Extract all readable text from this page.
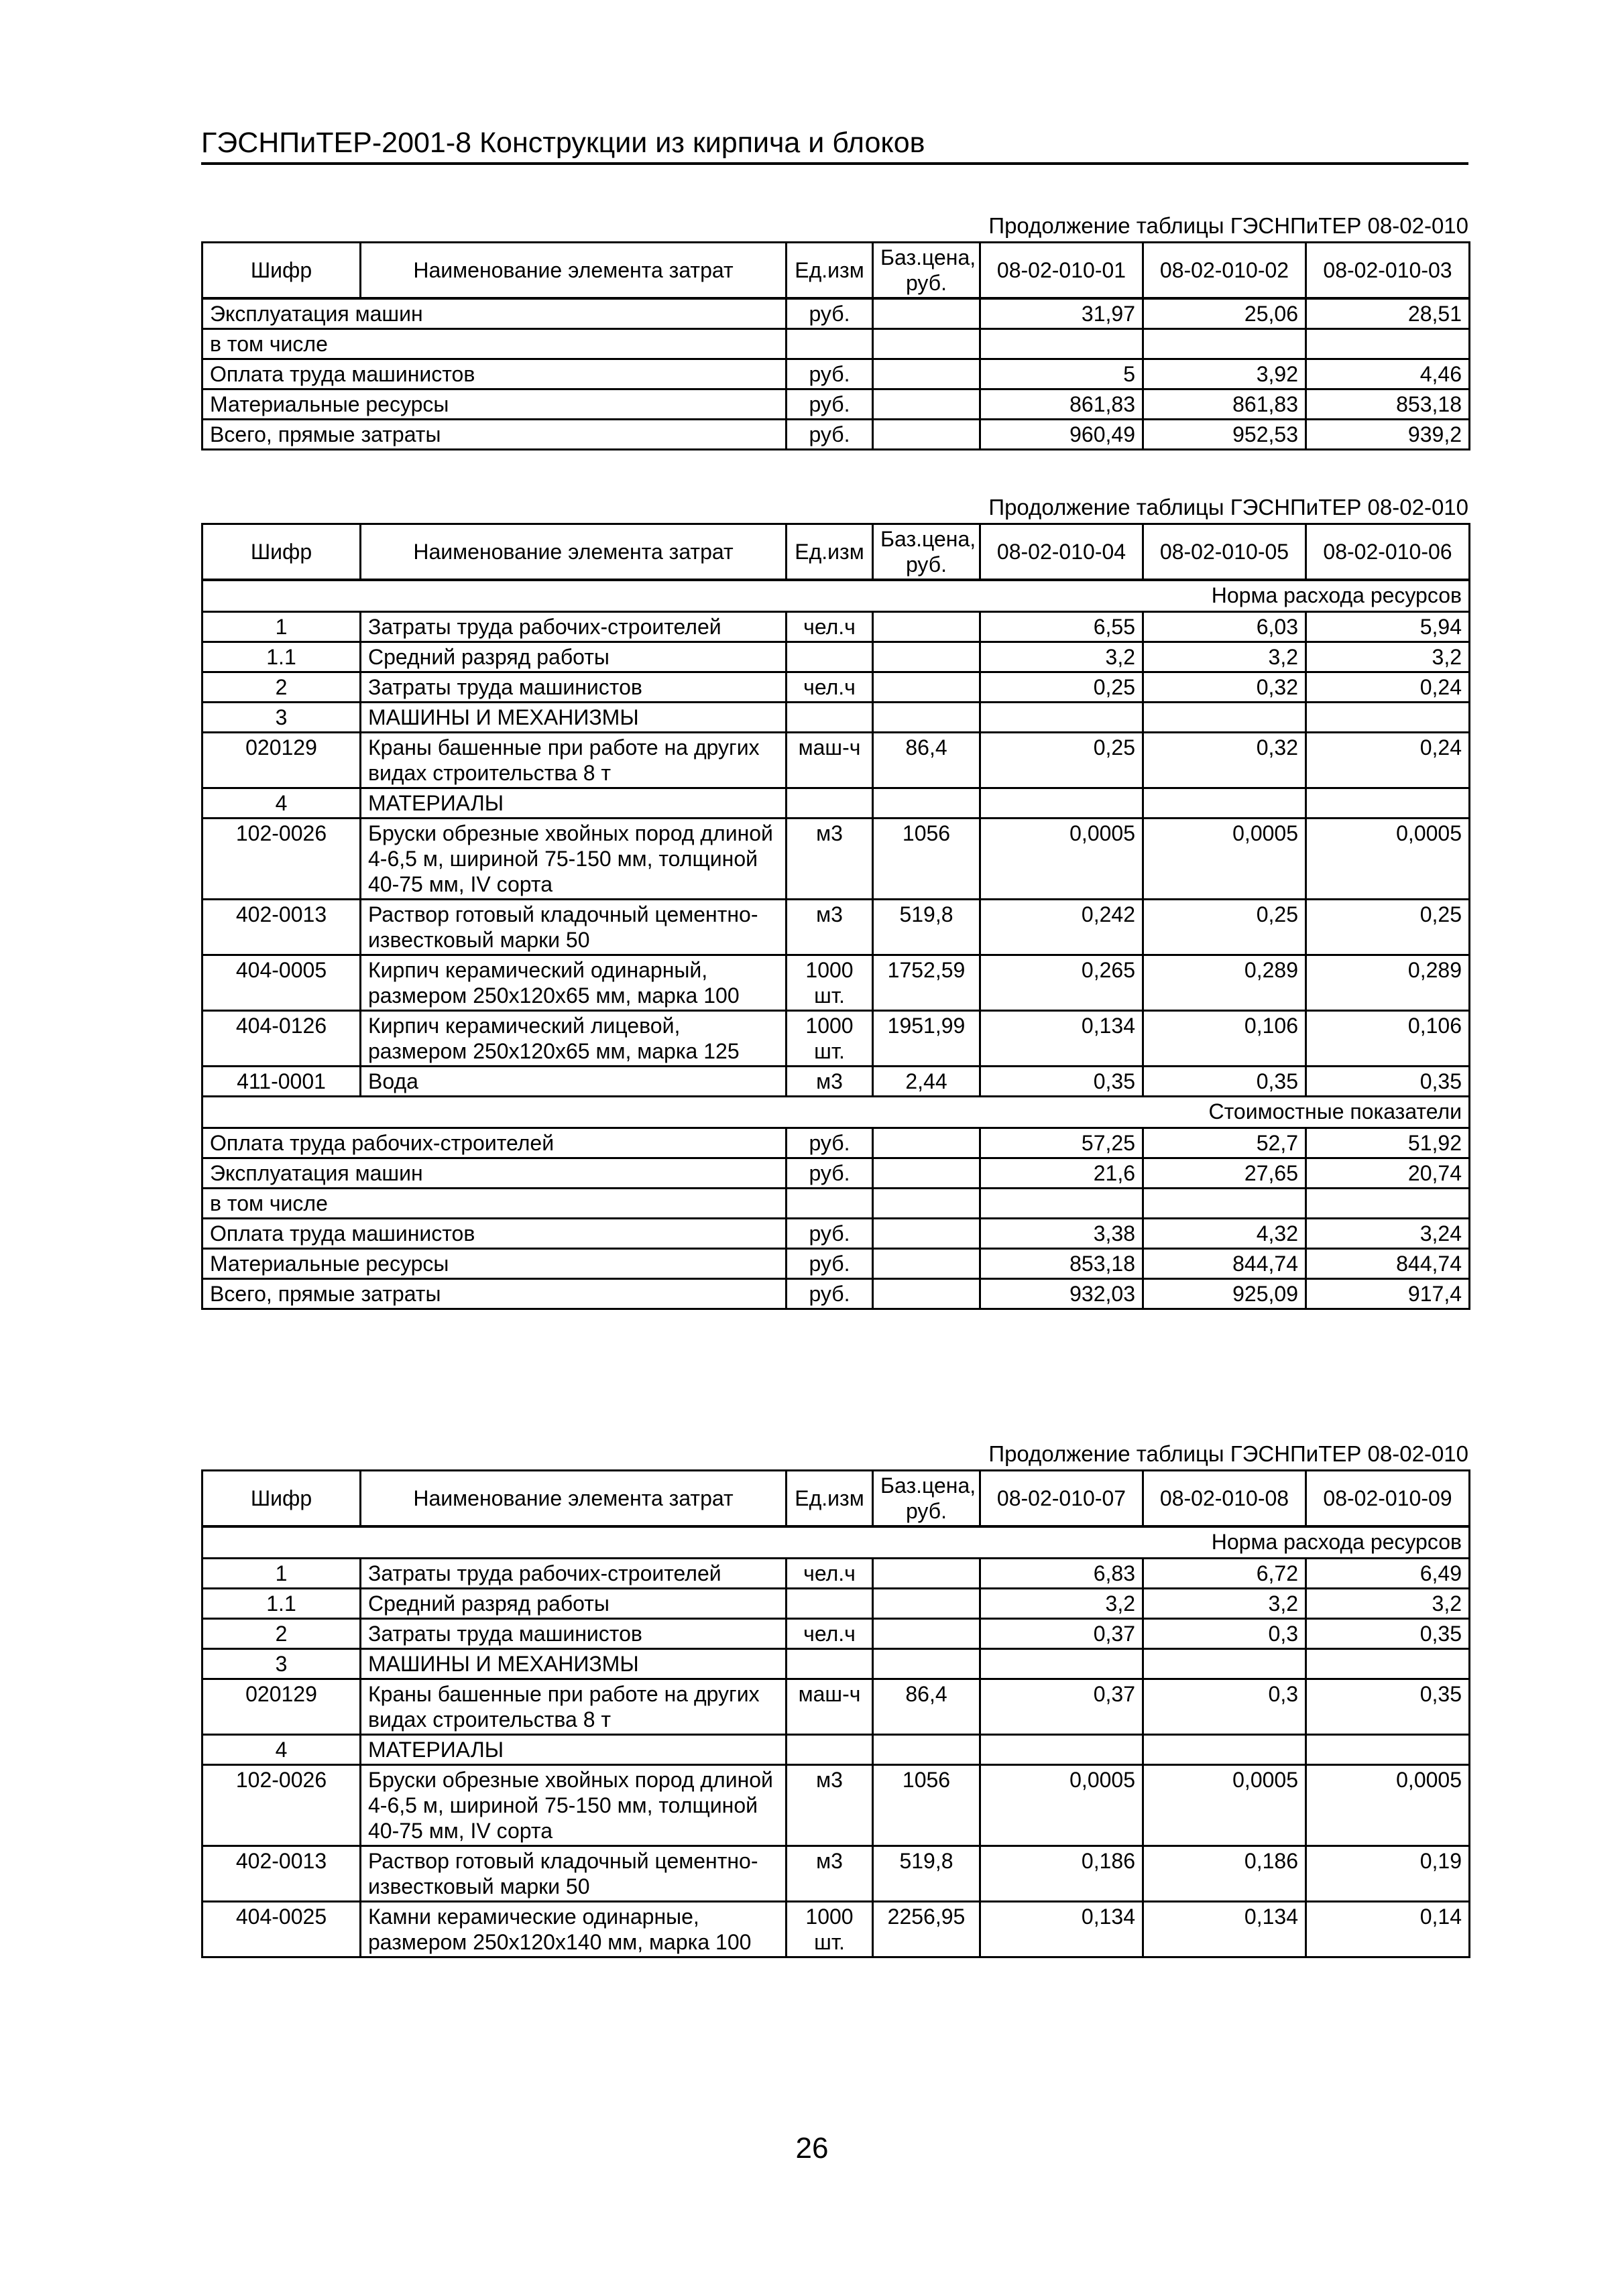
ГЭСНПиТЕР-2001-8 Конструкции из кирпича и блоков
Продолжение таблицы ГЭСНПиТЕР 08-02-010
Шифр	Наименование элемента затрат	Ед.изм	Баз.цена, руб.	08-02-010-01	08-02-010-02	08-02-010-03
Эксплуатация машин		руб.		31,97	25,06	28,51
в том числе						
Оплата труда машинистов		руб.		5	3,92	4,46
Материальные ресурсы		руб.		861,83	861,83	853,18
Всего, прямые затраты		руб.		960,49	952,53	939,2
Продолжение таблицы ГЭСНПиТЕР 08-02-010
Шифр	Наименование элемента затрат	Ед.изм	Баз.цена, руб.	08-02-010-04	08-02-010-05	08-02-010-06
Норма расхода ресурсов						
1	Затраты труда рабочих-строителей	чел.ч		6,55	6,03	5,94
1.1	Средний разряд работы			3,2	3,2	3,2
2	Затраты труда машинистов	чел.ч		0,25	0,32	0,24
3	МАШИНЫ И МЕХАНИЗМЫ					
020129	Краны башенные при работе на других видах строительства 8 т	маш-ч	86,4	0,25	0,32	0,24
4	МАТЕРИАЛЫ					
102-0026	Бруски обрезные хвойных пород длиной 4-6,5 м, шириной 75-150 мм, толщиной 40-75 мм, IV сорта	м3	1056	0,0005	0,0005	0,0005
402-0013	Раствор готовый кладочный цементно-известковый марки 50	м3	519,8	0,242	0,25	0,25
404-0005	Кирпич керамический одинарный, размером 250х120х65 мм, марка 100	1000 шт.	1752,59	0,265	0,289	0,289
404-0126	Кирпич керамический лицевой, размером 250х120х65 мм, марка 125	1000 шт.	1951,99	0,134	0,106	0,106
411-0001	Вода	м3	2,44	0,35	0,35	0,35
Стоимостные показатели						
Оплата труда рабочих-строителей		руб.		57,25	52,7	51,92
Эксплуатация машин		руб.		21,6	27,65	20,74
в том числе						
Оплата труда машинистов		руб.		3,38	4,32	3,24
Материальные ресурсы		руб.		853,18	844,74	844,74
Всего, прямые затраты		руб.		932,03	925,09	917,4
Продолжение таблицы ГЭСНПиТЕР 08-02-010
Шифр	Наименование элемента затрат	Ед.изм	Баз.цена, руб.	08-02-010-07	08-02-010-08	08-02-010-09
Норма расхода ресурсов						
1	Затраты труда рабочих-строителей	чел.ч		6,83	6,72	6,49
1.1	Средний разряд работы			3,2	3,2	3,2
2	Затраты труда машинистов	чел.ч		0,37	0,3	0,35
3	МАШИНЫ И МЕХАНИЗМЫ					
020129	Краны башенные при работе на других видах строительства 8 т	маш-ч	86,4	0,37	0,3	0,35
4	МАТЕРИАЛЫ					
102-0026	Бруски обрезные хвойных пород длиной 4-6,5 м, шириной 75-150 мм, толщиной 40-75 мм, IV сорта	м3	1056	0,0005	0,0005	0,0005
402-0013	Раствор готовый кладочный цементно-известковый марки 50	м3	519,8	0,186	0,186	0,19
404-0025	Камни керамические одинарные, размером 250х120х140 мм, марка 100	1000 шт.	2256,95	0,134	0,134	0,14
26
